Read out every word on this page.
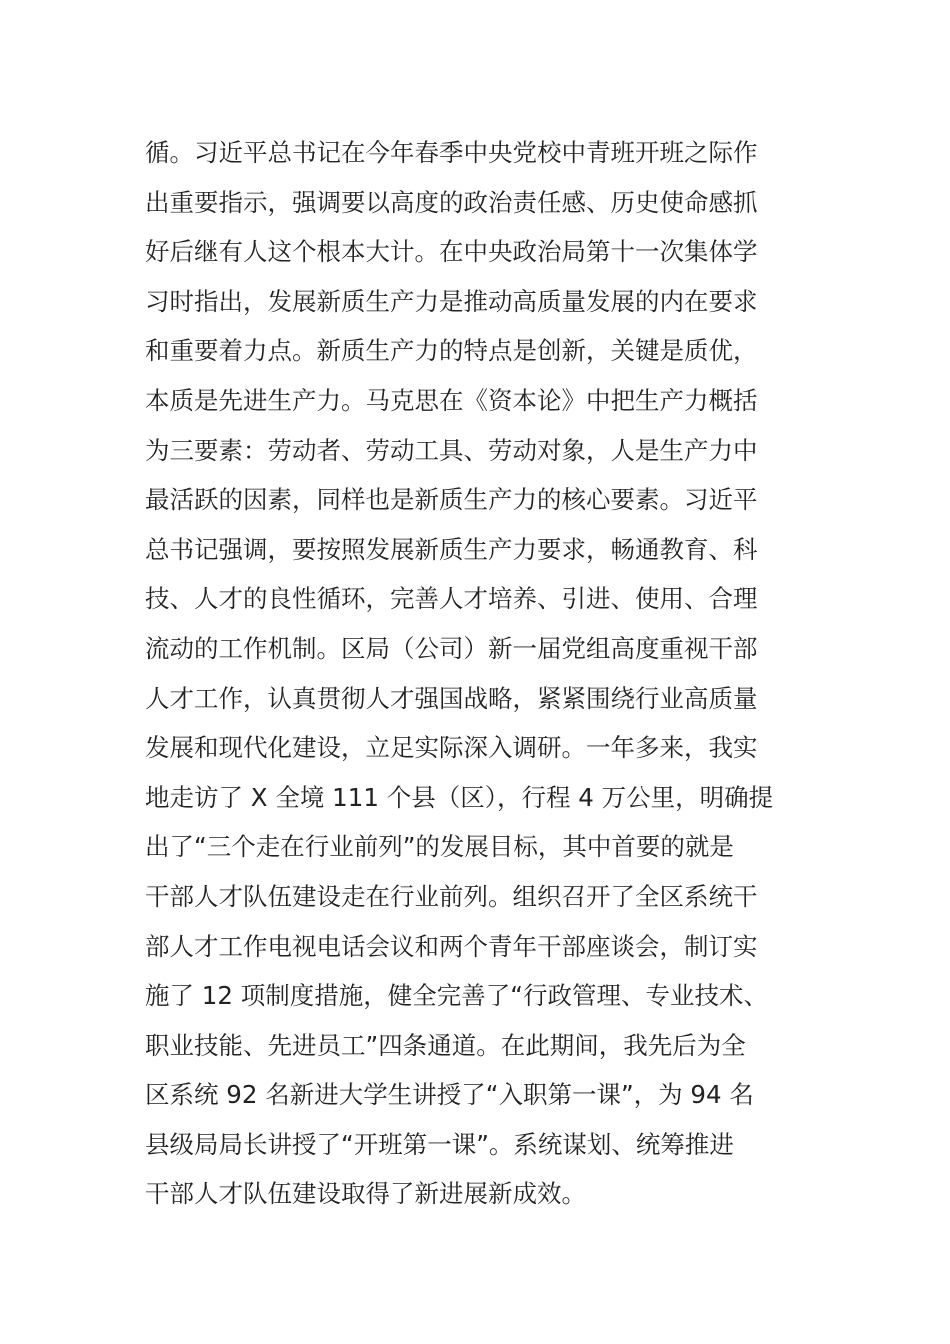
循。习近平总书记在今年春季中央党校中青班开班之际作
出重要指示，强调要以高度的政治责任感、历史使命感抓
好后继有人这个根本大计。在中央政治局第十一次集体学
习时指出，发展新质生产力是推动高质量发展的内在要求
和重要着力点。新质生产力的特点是创新，关键是质优，
本质是先进生产力。马克思在《资本论》中把生产力概括
为三要素：劳动者、劳动工具、劳动对象，人是生产力中
最活跃的因素，同样也是新质生产力的核心要素。习近平
总书记强调，要按照发展新质生产力要求，畅通教育、科
技、人才的良性循环，完善人才培养、引进、使用、合理
流动的工作机制。区局（公司）新一届党组高度重视干部
人才工作，认真贯彻人才强国战略，紧紧围绕行业高质量
发展和现代化建设，立足实际深入调研。一年多来，我实
地走访了 X 全境 111 个县（区），行程 4 万公里，明确提
出了“三个走在行业前列”的发展目标，其中首要的就是
干部人才队伍建设走在行业前列。组织召开了全区系统干
部人才工作电视电话会议和两个青年干部座谈会，制订实
施了 12 项制度措施，健全完善了“行政管理、专业技术、
职业技能、先进员工”四条通道。在此期间，我先后为全
区系统 92 名新进大学生讲授了“入职第一课”，为 94 名
县级局局长讲授了“开班第一课”。系统谋划、统筹推进
干部人才队伍建设取得了新进展新成效。
